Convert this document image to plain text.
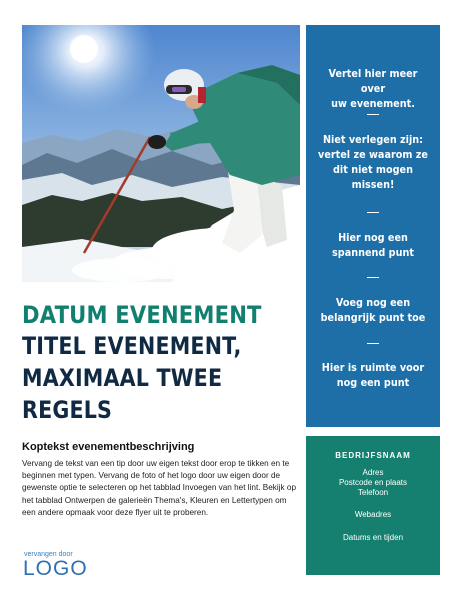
DATUM EVENEMENT
TITEL EVENEMENT,
MAXIMAAL TWEE
REGELS
Koptekst evenementbeschrijving
Vervang de tekst van een tip door uw eigen tekst door erop te tikken en te beginnen met typen. Vervang de foto of het logo door uw eigen door de gewenste optie te selecteren op het tabblad Invoegen van het lint. Bekijk op het tabblad Ontwerpen de galerieën Thema's, Kleuren en Lettertypen om een andere opmaak voor deze flyer uit te proberen.
vervangen door
LOGO
Vertel hier meer over
uw evenement.
Niet verlegen zijn:
vertel ze waarom ze
dit niet mogen
missen!
Hier nog een
spannend punt
Voeg nog een
belangrijk punt toe
Hier is ruimte voor
nog een punt
BEDRIJFSNAAM
Adres
Postcode en plaats
Telefoon
Webadres
Datums en tijden
